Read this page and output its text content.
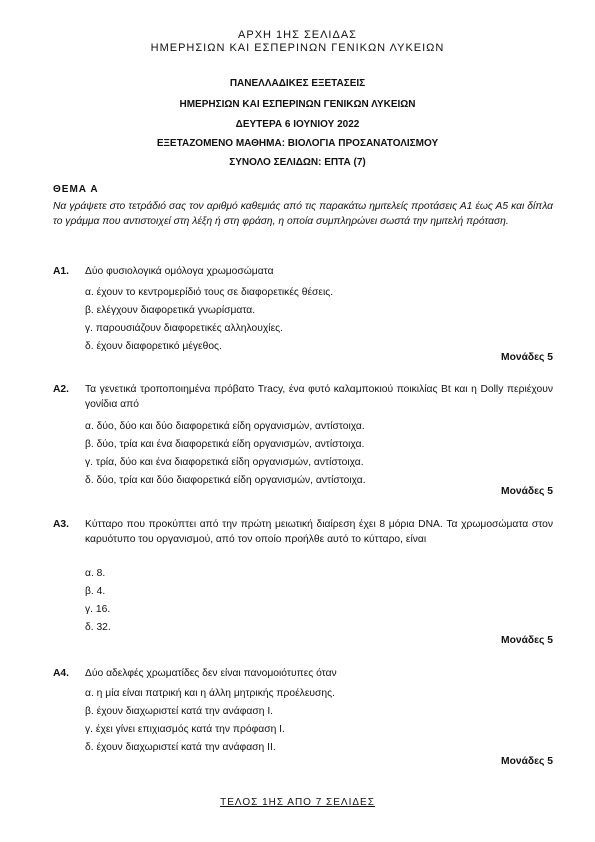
ΑΡΧΗ 1ΗΣ ΣΕΛΙΔΑΣ
ΗΜΕΡΗΣΙΩΝ ΚΑΙ ΕΣΠΕΡΙΝΩΝ ΓΕΝΙΚΩΝ ΛΥΚΕΙΩΝ
ΠΑΝΕΛΛΑΔΙΚΕΣ ΕΞΕΤΑΣΕΙΣ
ΗΜΕΡΗΣΙΩΝ ΚΑΙ ΕΣΠΕΡΙΝΩΝ ΓΕΝΙΚΩΝ ΛΥΚΕΙΩΝ
ΔΕΥΤΕΡΑ 6 ΙΟΥΝΙΟΥ 2022
ΕΞΕΤΑΖΟΜΕΝΟ ΜΑΘΗΜΑ: ΒΙΟΛΟΓΙΑ ΠΡΟΣΑΝΑΤΟΛΙΣΜΟΥ
ΣΥΝΟΛΟ ΣΕΛΙΔΩΝ: ΕΠΤΑ (7)
ΘΕΜΑ Α
Να γράψετε στο τετράδιό σας τον αριθμό καθεμιάς από τις παρακάτω ημιτελείς προτάσεις Α1 έως Α5 και δίπλα το γράμμα που αντιστοιχεί στη λέξη ή στη φράση, η οποία συμπληρώνει σωστά την ημιτελή πρόταση.
Α1. Δύο φυσιολογικά ομόλογα χρωμοσώματα
α. έχουν το κεντρομερίδιό τους σε διαφορετικές θέσεις.
β. ελέγχουν διαφορετικά γνωρίσματα.
γ. παρουσιάζουν διαφορετικές αλληλουχίες.
δ. έχουν διαφορετικό μέγεθος.
Μονάδες 5
Α2. Τα γενετικά τροποποιημένα πρόβατο Tracy, ένα φυτό καλαμποκιού ποικιλίας Bt και η Dolly περιέχουν γονίδια από
α. δύο, δύο και δύο διαφορετικά είδη οργανισμών, αντίστοιχα.
β. δύο, τρία και ένα διαφορετικά είδη οργανισμών, αντίστοιχα.
γ. τρία, δύο και ένα διαφορετικά είδη οργανισμών, αντίστοιχα.
δ. δύο, τρία και δύο διαφορετικά είδη οργανισμών, αντίστοιχα.
Μονάδες 5
Α3. Κύτταρο που προκύπτει από την πρώτη μειωτική διαίρεση έχει 8 μόρια DNA. Τα χρωμοσώματα στον καρυότυπο του οργανισμού, από τον οποίο προήλθε αυτό το κύτταρο, είναι
α. 8.
β. 4.
γ. 16.
δ. 32.
Μονάδες 5
Α4. Δύο αδελφές χρωματίδες δεν είναι πανομοιότυπες όταν
α. η μία είναι πατρική και η άλλη μητρικής προέλευσης.
β. έχουν διαχωριστεί κατά την ανάφαση Ι.
γ. έχει γίνει επιχιασμός κατά την πρόφαση Ι.
δ. έχουν διαχωριστεί κατά την ανάφαση ΙΙ.
Μονάδες 5
ΤΕΛΟΣ 1ΗΣ ΑΠΟ 7 ΣΕΛΙΔΕΣ
